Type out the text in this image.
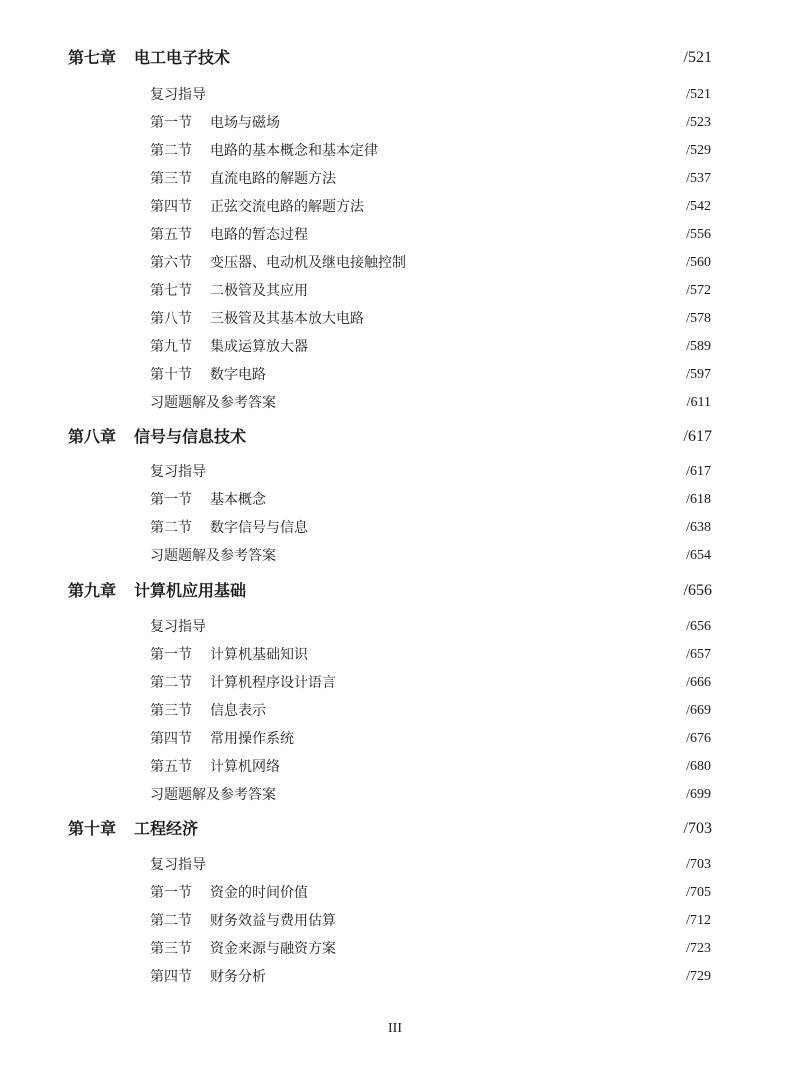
第七章 电工电子技术	/521
复习指导	/521
第一节 电场与磁场	/523
第二节 电路的基本概念和基本定律	/529
第三节 直流电路的解题方法	/537
第四节 正弦交流电路的解题方法	/542
第五节 电路的暂态过程	/556
第六节 变压器、电动机及继电接触控制	/560
第七节 二极管及其应用	/572
第八节 三极管及其基本放大电路	/578
第九节 集成运算放大器	/589
第十节 数字电路	/597
习题题解及参考答案	/611
第八章 信号与信息技术	/617
复习指导	/617
第一节 基本概念	/618
第二节 数字信号与信息	/638
习题题解及参考答案	/654
第九章 计算机应用基础	/656
复习指导	/656
第一节 计算机基础知识	/657
第二节 计算机程序设计语言	/666
第三节 信息表示	/669
第四节 常用操作系统	/676
第五节 计算机网络	/680
习题题解及参考答案	/699
第十章 工程经济	/703
复习指导	/703
第一节 资金的时间价值	/705
第二节 财务效益与费用估算	/712
第三节 资金来源与融资方案	/723
第四节 财务分析	/729
III
